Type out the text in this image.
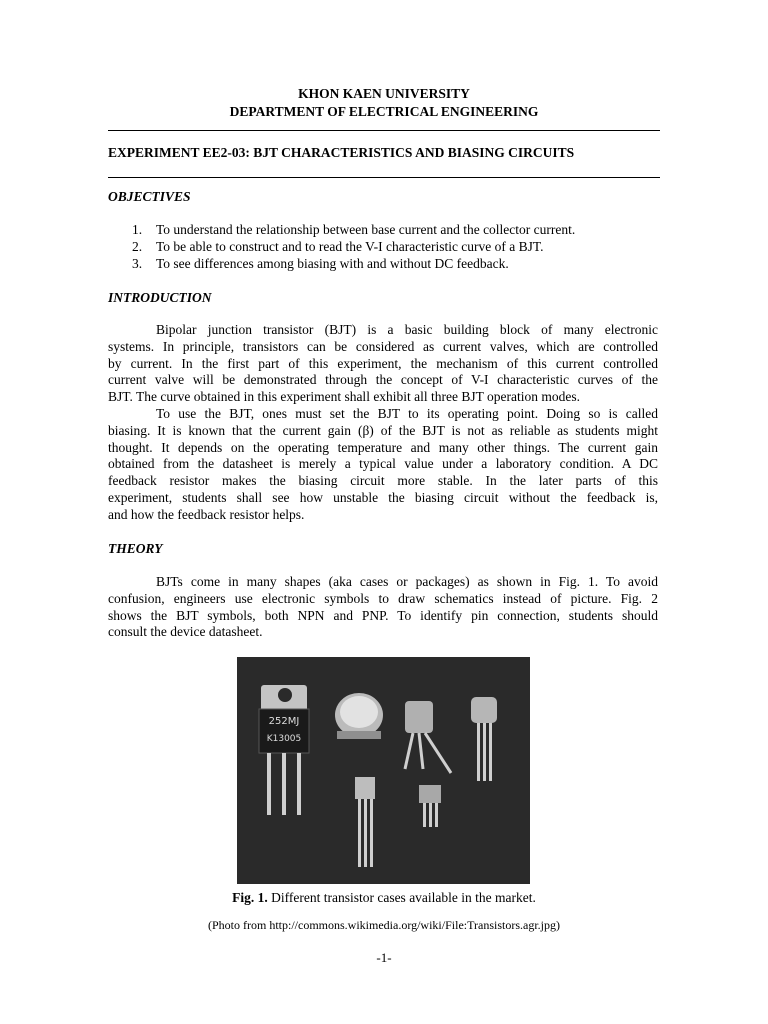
KHON KAEN UNIVERSITY
DEPARTMENT OF ELECTRICAL ENGINEERING
EXPERIMENT EE2-03: BJT CHARACTERISTICS AND BIASING CIRCUITS
OBJECTIVES
1. To understand the relationship between base current and the collector current.
2. To be able to construct and to read the V-I characteristic curve of a BJT.
3. To see differences among biasing with and without DC feedback.
INTRODUCTION
Bipolar junction transistor (BJT) is a basic building block of many electronic
systems. In principle, transistors can be considered as current valves, which are controlled
by current. In the first part of this experiment, the mechanism of this current controlled
current valve will be demonstrated through the concept of V-I characteristic curves of the
BJT. The curve obtained in this experiment shall exhibit all three BJT operation modes.
To use the BJT, ones must set the BJT to its operating point. Doing so is called
biasing. It is known that the current gain (β) of the BJT is not as reliable as students might
thought. It depends on the operating temperature and many other things. The current gain
obtained from the datasheet is merely a typical value under a laboratory condition. A DC
feedback resistor makes the biasing circuit more stable. In the later parts of this
experiment, students shall see how unstable the biasing circuit without the feedback is,
and how the feedback resistor helps.
THEORY
BJTs come in many shapes (aka cases or packages) as shown in Fig. 1. To avoid
confusion, engineers use electronic symbols to draw schematics instead of picture. Fig. 2
shows the BJT symbols, both NPN and PNP. To identify pin connection, students should
consult the device datasheet.
252MJ
K13005
Fig. 1. Different transistor cases available in the market.
(Photo from http://commons.wikimedia.org/wiki/File:Transistors.agr.jpg)
-1-
